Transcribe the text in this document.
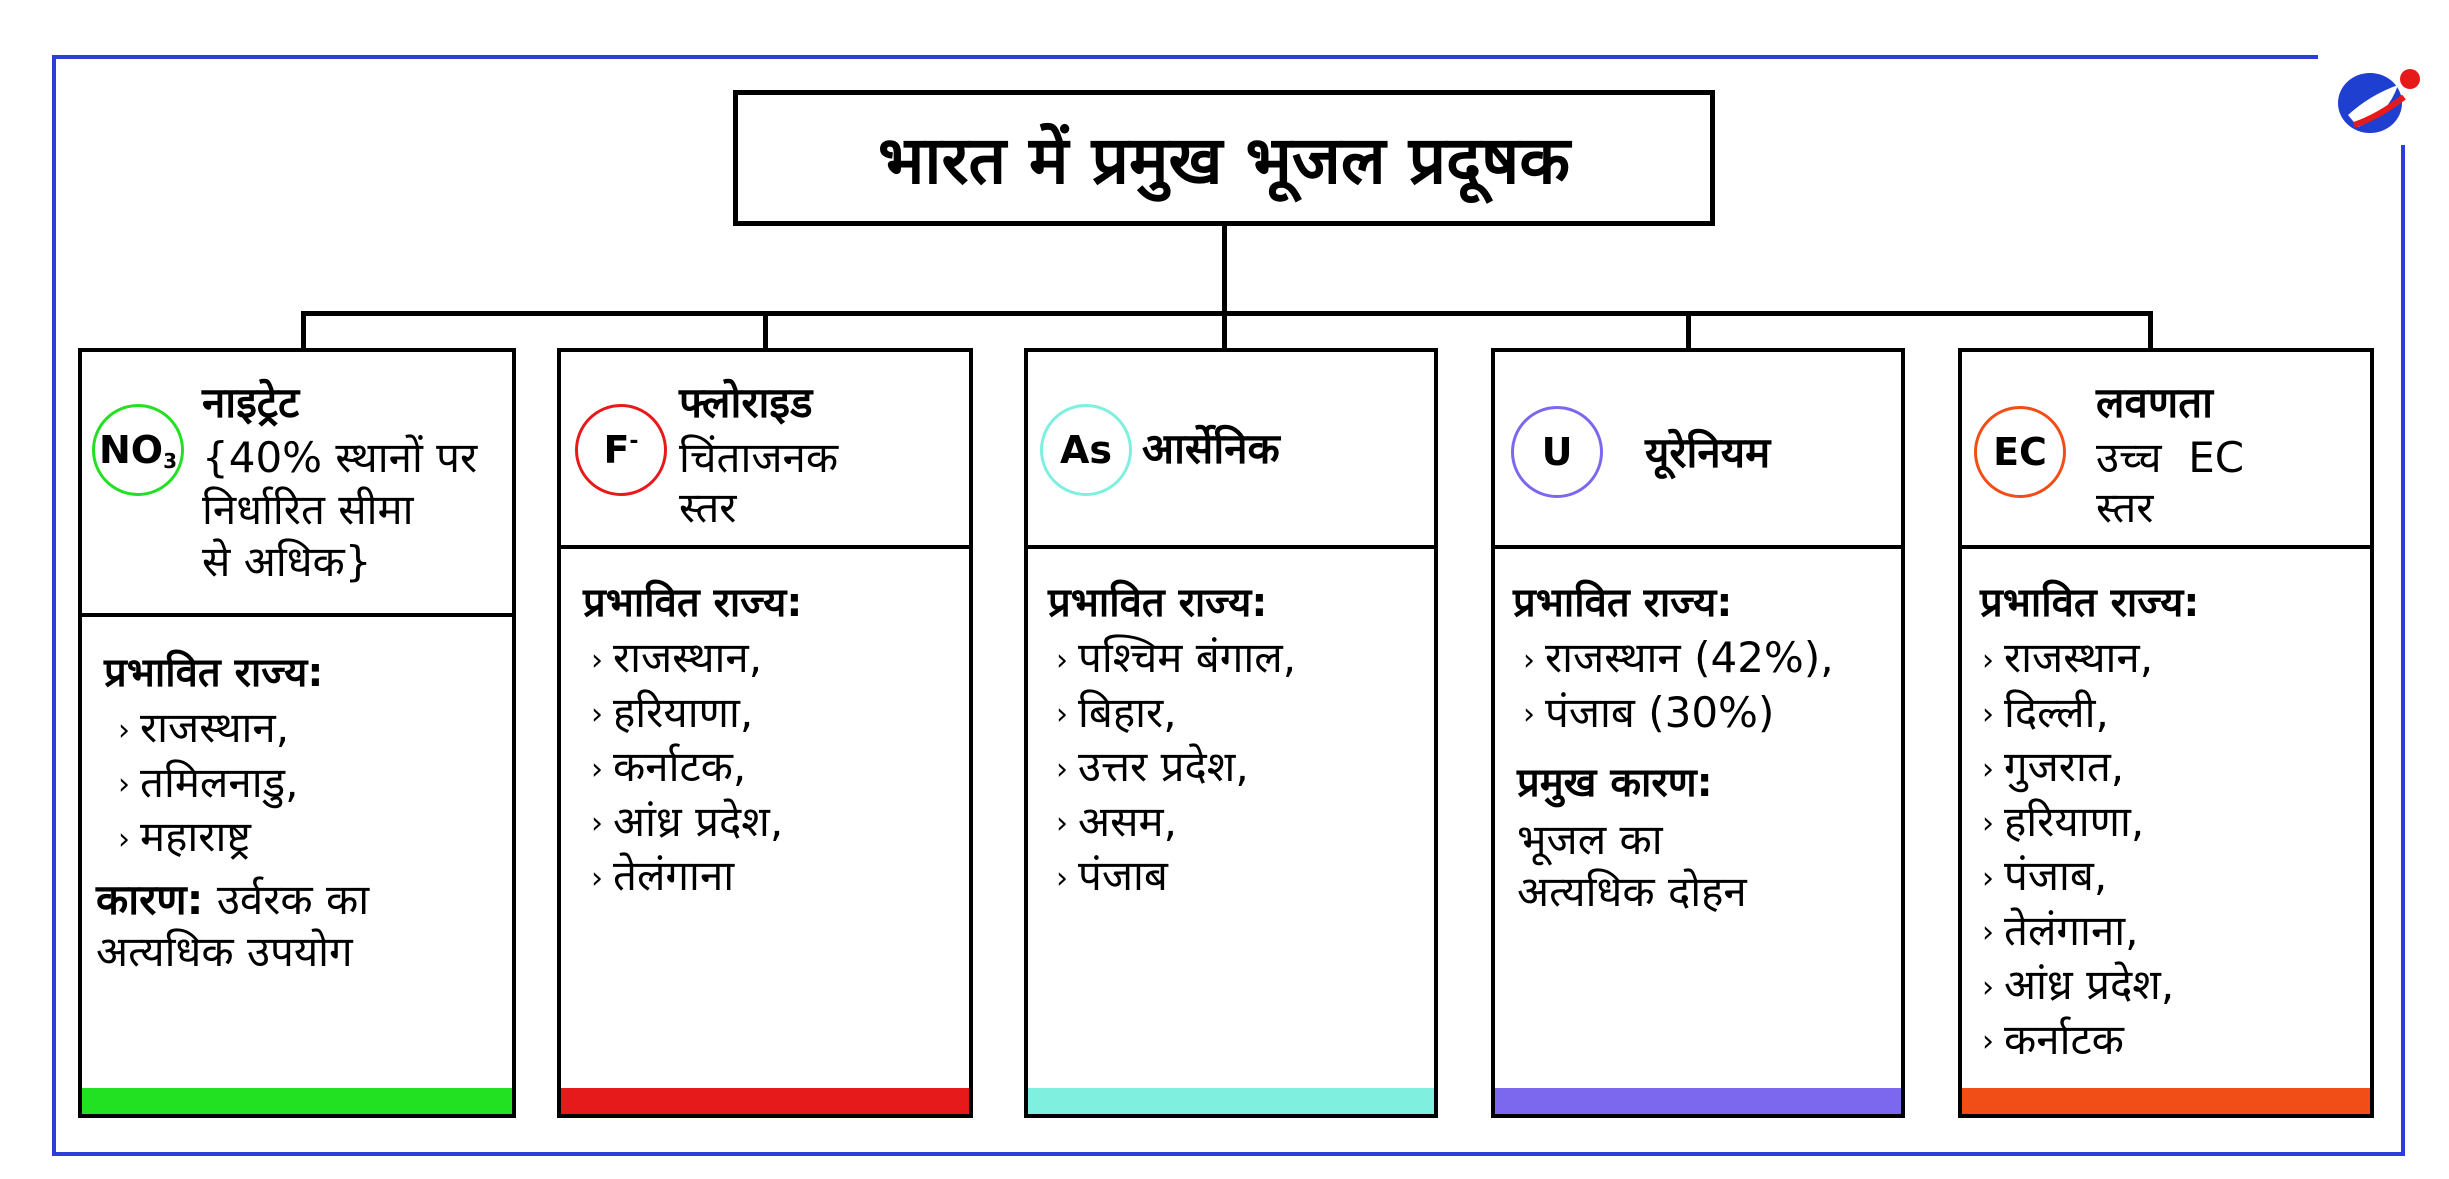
भारत में प्रमुख भूजल प्रदूषक
$NO_3$
नाइट्रेट
{40% स्थानों पर
निर्धारित सीमा
से अधिक}
प्रभावित राज्य:
› राजस्थान,
› तमिलनाडु,
› महाराष्ट्र
कारण: उर्वरक का
अत्यधिक उपयोग
F-
फ्लोराइड
चिंताजनक
स्तर
प्रभावित राज्य:
› राजस्थान,
› हरियाणा,
› कर्नाटक,
› आंध्र प्रदेश,
› तेलंगाना
As आर्सेनिक
प्रभावित राज्य:
› पश्चिम बंगाल,
› बिहार,
› उत्तर प्रदेश,
› असम,
› पंजाब
U यूरेनियम
प्रभावित राज्य:
› राजस्थान (42%),
› पंजाब (30%)
प्रमुख कारण:
भूजल का
अत्यधिक दोहन
EC
लवणता
उच्च  EC
स्तर
प्रभावित राज्य:
› राजस्थान,
› दिल्ली,
› गुजरात,
› हरियाणा,
› पंजाब,
› तेलंगाना,
› आंध्र प्रदेश,
› कर्नाटक
